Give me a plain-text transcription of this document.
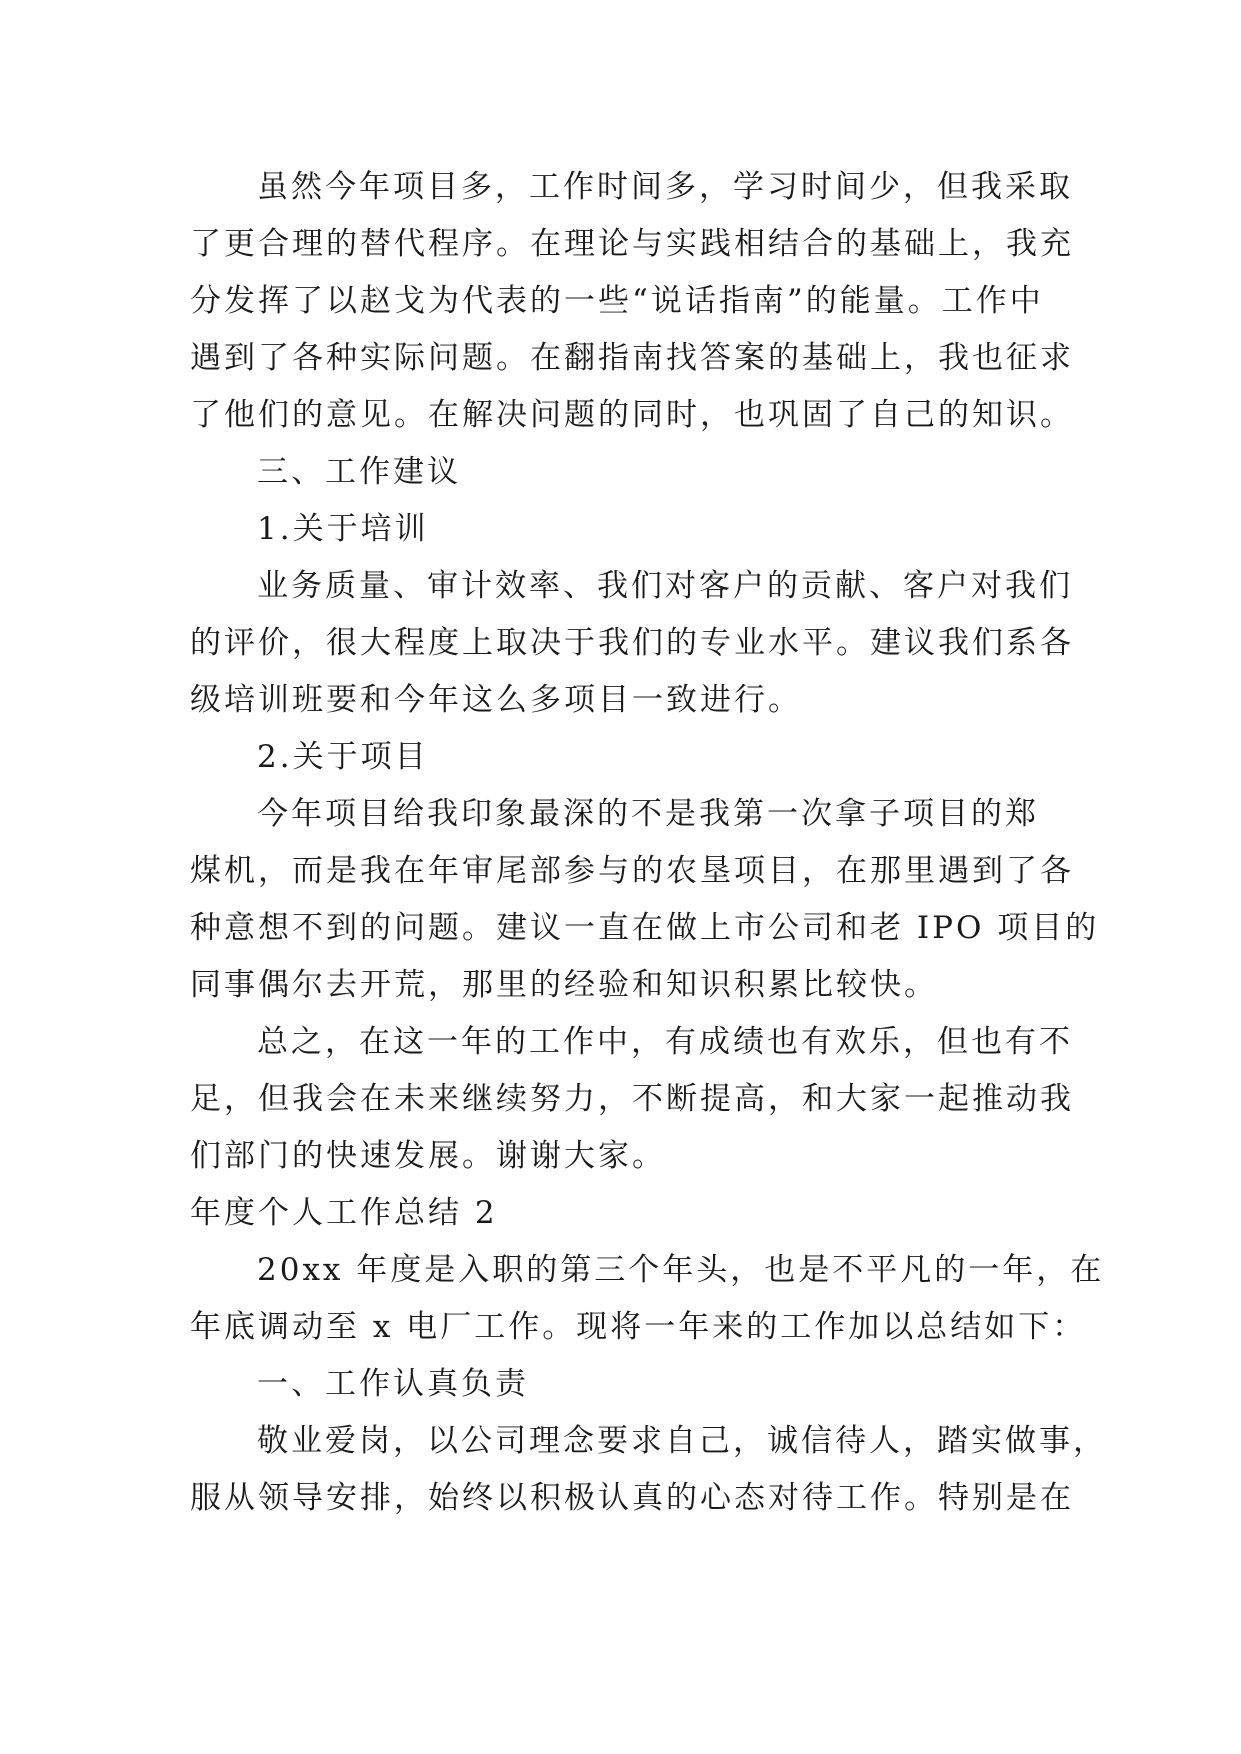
虽然今年项目多，工作时间多，学习时间少，但我采取

了更合理的替代程序。在理论与实践相结合的基础上，我充

分发挥了以赵戈为代表的一些“说话指南”的能量。工作中

遇到了各种实际问题。在翻指南找答案的基础上，我也征求

了他们的意见。在解决问题的同时，也巩固了自己的知识。

三、工作建议

1.关于培训

业务质量、审计效率、我们对客户的贡献、客户对我们

的评价，很大程度上取决于我们的专业水平。建议我们系各

级培训班要和今年这么多项目一致进行。

2.关于项目

今年项目给我印象最深的不是我第一次拿子项目的郑

煤机，而是我在年审尾部参与的农垦项目，在那里遇到了各

种意想不到的问题。建议一直在做上市公司和老 IPO 项目的

同事偶尔去开荒，那里的经验和知识积累比较快。

总之，在这一年的工作中，有成绩也有欢乐，但也有不

足，但我会在未来继续努力，不断提高，和大家一起推动我

们部门的快速发展。谢谢大家。

年度个人工作总结 2

20xx 年度是入职的第三个年头，也是不平凡的一年，在

年底调动至 x 电厂工作。现将一年来的工作加以总结如下：

一、工作认真负责

敬业爱岗，以公司理念要求自己，诚信待人，踏实做事，

服从领导安排，始终以积极认真的心态对待工作。特别是在
